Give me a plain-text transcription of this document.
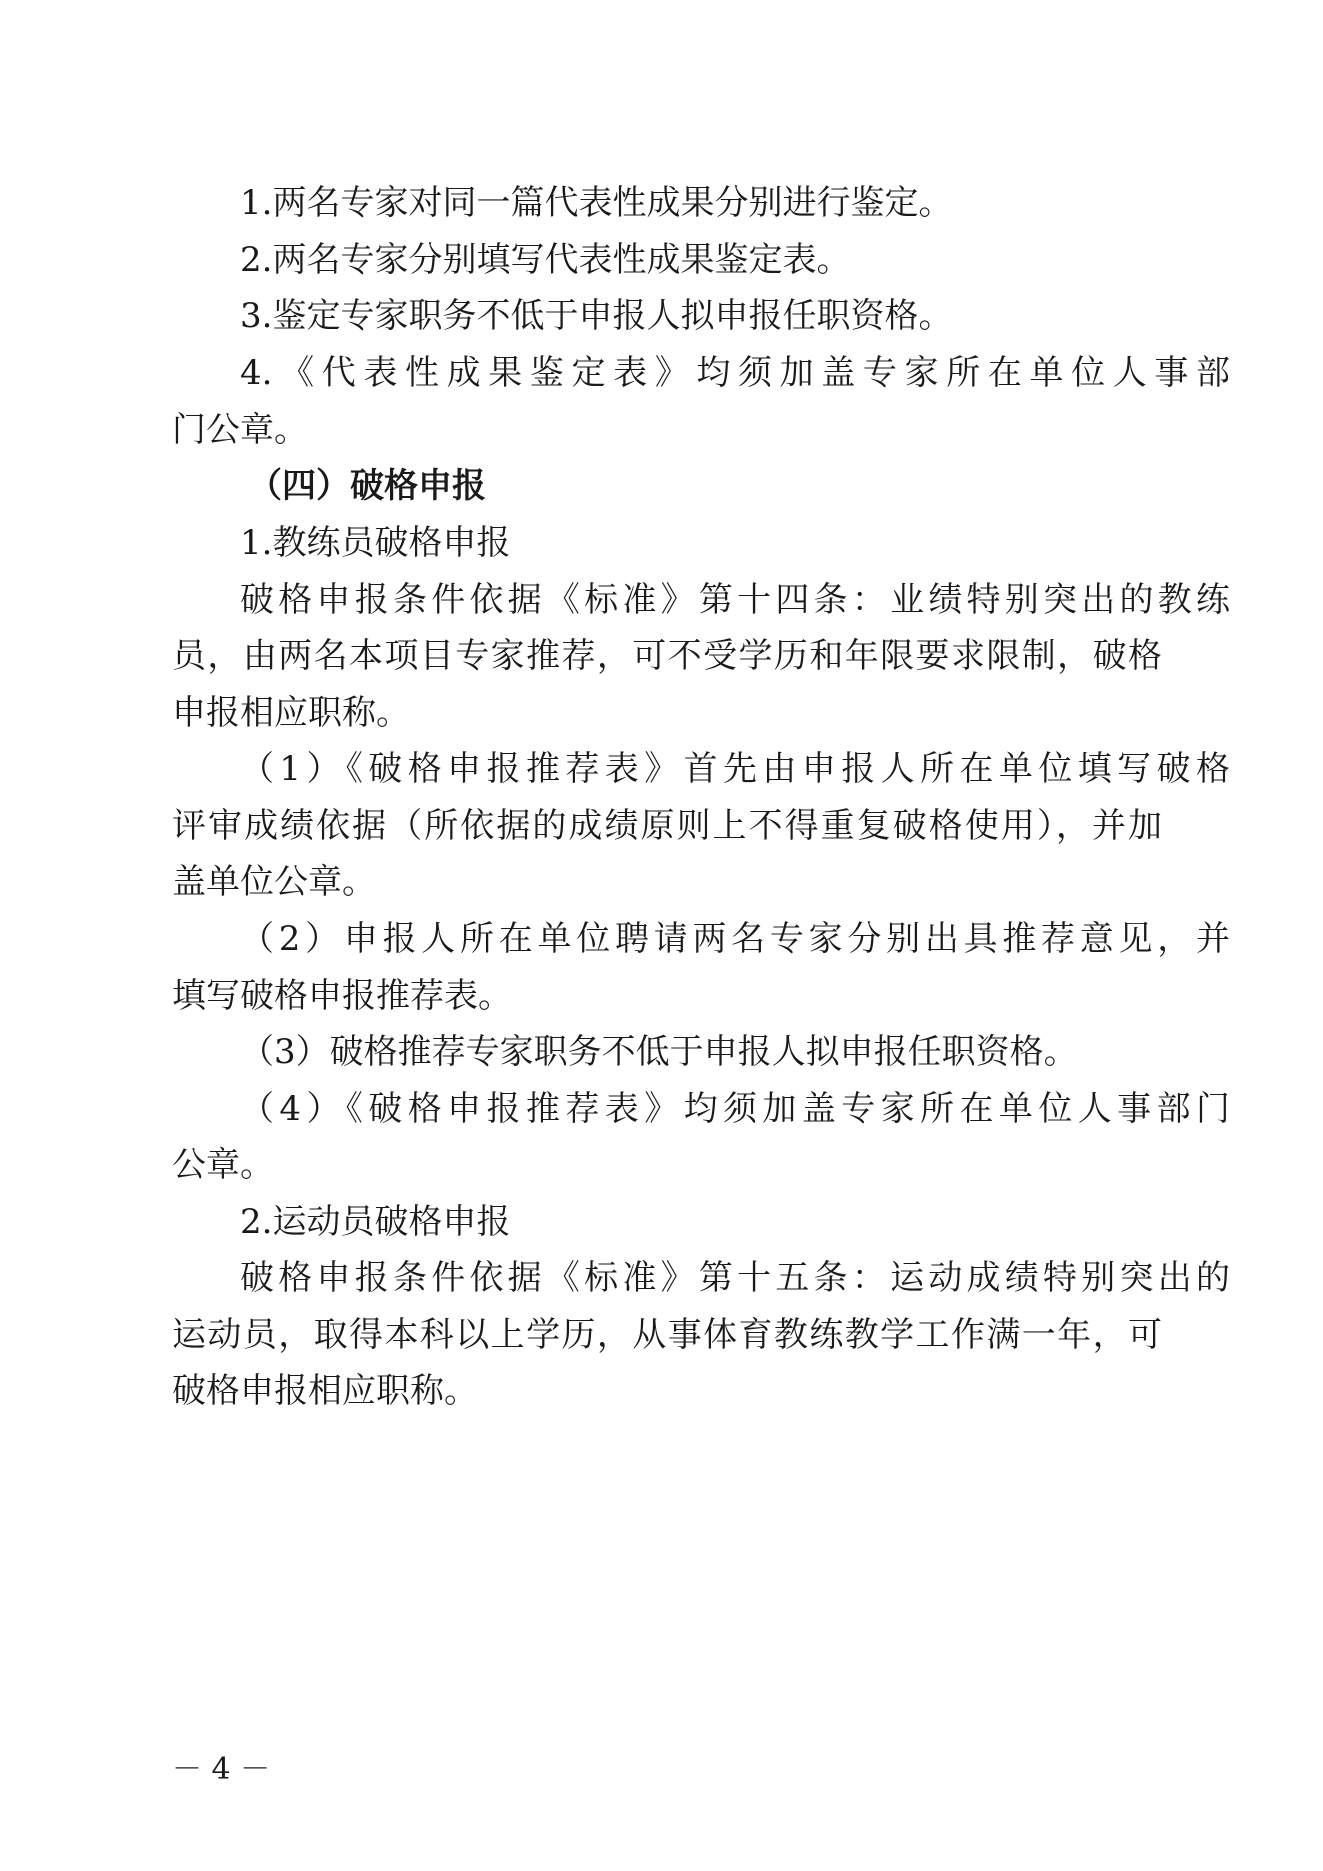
1.两名专家对同一篇代表性成果分别进行鉴定。
2.两名专家分别填写代表性成果鉴定表。
3.鉴定专家职务不低于申报人拟申报任职资格。
4.《代表性成果鉴定表》均须加盖专家所在单位人事部
门公章。
（四）破格申报
1.教练员破格申报
破格申报条件依据《标准》第十四条：业绩特别突出的教练
员，由两名本项目专家推荐，可不受学历和年限要求限制，破格
申报相应职称。
（1）《破格申报推荐表》首先由申报人所在单位填写破格
评审成绩依据（所依据的成绩原则上不得重复破格使用），并加
盖单位公章。
（2）申报人所在单位聘请两名专家分别出具推荐意见，并
填写破格申报推荐表。
（3）破格推荐专家职务不低于申报人拟申报任职资格。
（4）《破格申报推荐表》均须加盖专家所在单位人事部门
公章。
2.运动员破格申报
破格申报条件依据《标准》第十五条：运动成绩特别突出的
运动员，取得本科以上学历，从事体育教练教学工作满一年，可
破格申报相应职称。
－ 4 －
